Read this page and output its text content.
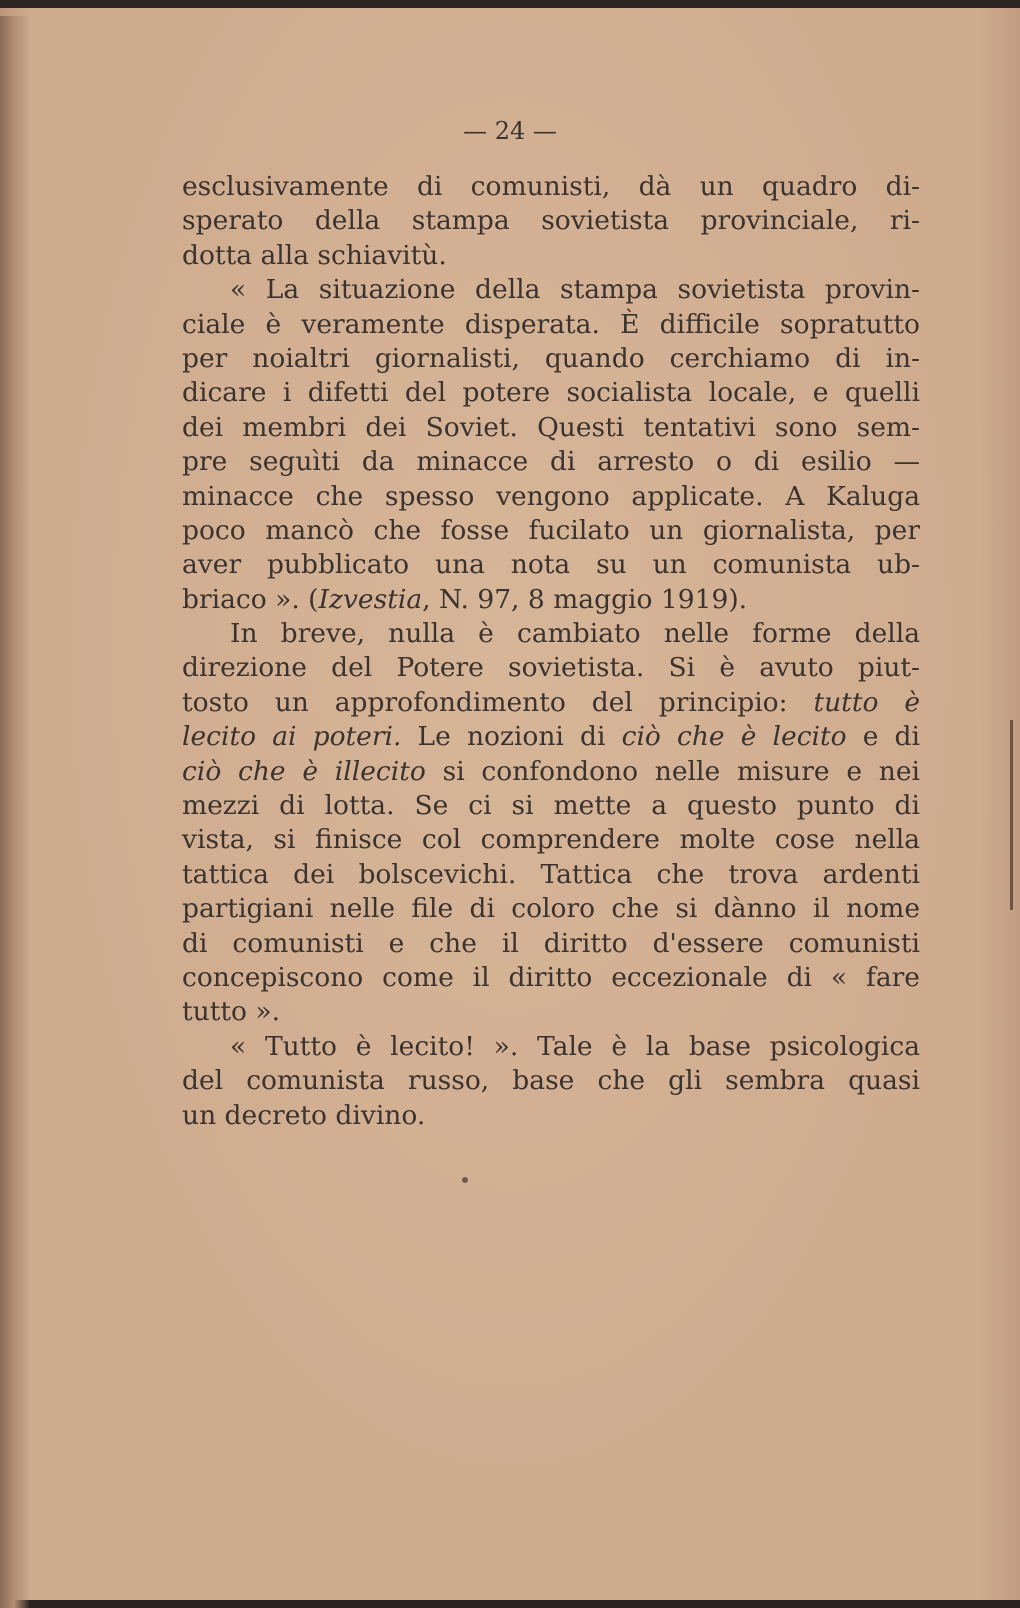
— 24 —
esclusivamente di comunisti, dà un quadro di-
sperato della stampa sovietista provinciale, ri-
dotta alla schiavitù.
« La situazione della stampa sovietista provin-
ciale è veramente disperata. È difficile sopratutto
per noialtri giornalisti, quando cerchiamo di in-
dicare i difetti del potere socialista locale, e quelli
dei membri dei Soviet. Questi tentativi sono sem-
pre seguìti da minacce di arresto o di esilio —
minacce che spesso vengono applicate. A Kaluga
poco mancò che fosse fucilato un giornalista, per
aver pubblicato una nota su un comunista ub-
briaco ». (Izvestia, N. 97, 8 maggio 1919).
In breve, nulla è cambiato nelle forme della
direzione del Potere sovietista. Si è avuto piut-
tosto un approfondimento del principio: tutto è
lecito ai poteri. Le nozioni di ciò che è lecito e di
ciò che è illecito si confondono nelle misure e nei
mezzi di lotta. Se ci si mette a questo punto di
vista, si finisce col comprendere molte cose nella
tattica dei bolscevichi. Tattica che trova ardenti
partigiani nelle file di coloro che si dànno il nome
di comunisti e che il diritto d'essere comunisti
concepiscono come il diritto eccezionale di « fare
tutto ».
« Tutto è lecito! ». Tale è la base psicologica
del comunista russo, base che gli sembra quasi
un decreto divino.
